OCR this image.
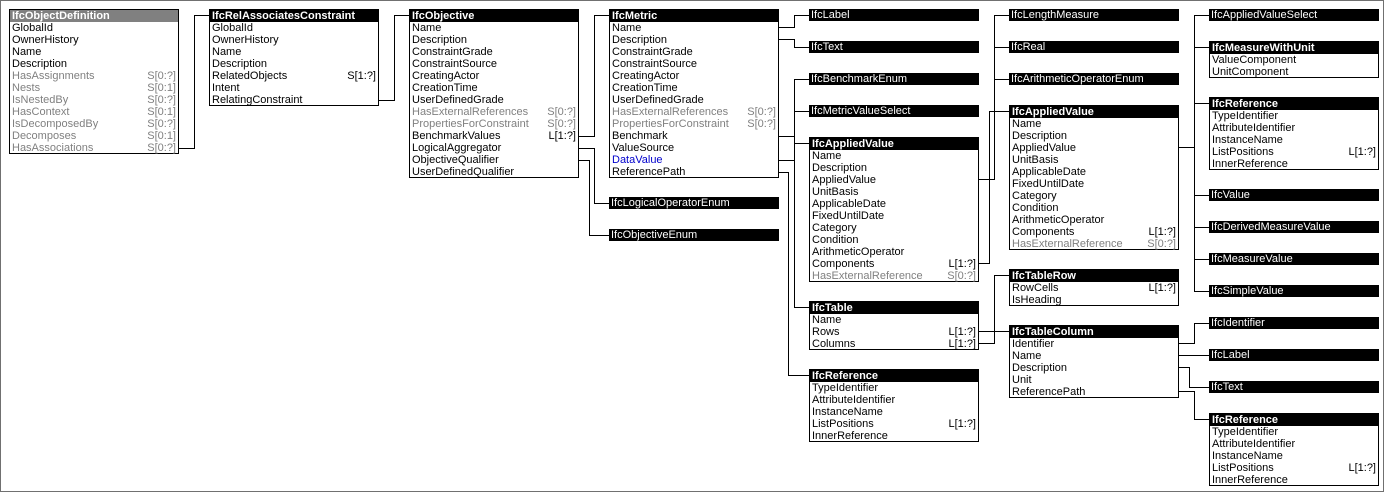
IfcObjectDefinition
GlobalId
OwnerHistory
Name
Description
HasAssignments	S[0:?]
Nests	S[0:1]
IsNestedBy	S[0:?]
HasContext	S[0:1]
IsDecomposedBy	S[0:?]
Decomposes	S[0:1]
HasAssociations	S[0:?]
IfcRelAssociatesConstraint
GlobalId
OwnerHistory
Name
Description
RelatedObjects	S[1:?]
Intent
RelatingConstraint
IfcObjective
Name
Description
ConstraintGrade
ConstraintSource
CreatingActor
CreationTime
UserDefinedGrade
HasExternalReferences S[0:?]
PropertiesForConstraint S[0:?]
BenchmarkValues	L[1:?]
LogicalAggregator
ObjectiveQualifier
UserDefinedQualifier
IfcMetric
Name
Description
ConstraintGrade
ConstraintSource
CreatingActor
CreationTime
UserDefinedGrade
HasExternalReferences S[0:?]
PropertiesForConstraint S[0:?]
Benchmark
ValueSource
DataValue
ReferencePath
IfcAppliedValue
Name
Description
AppliedValue
UnitBasis
ApplicableDate
FixedUntilDate
Category
Condition
ArithmeticOperator
Components	L[1:?]
HasExternalReference S[0:?]
IfcTable
Name
Rows	L[1:?]
Columns	L[1:?]
IfcReference
TypeIdentifier
AttributeIdentifier
InstanceName
ListPositions	L[1:?]
InnerReference
IfcAppliedValue
Name
Description
AppliedValue
UnitBasis
ApplicableDate
FixedUntilDate
Category
Condition
ArithmeticOperator
Components	L[1:?]
HasExternalReference S[0:?]
IfcTableRow
RowCells	L[1:?]
IsHeading
IfcTableColumn
Identifier
Name
Description
Unit
ReferencePath
IfcMeasureWithUnit
ValueComponent
UnitComponent
IfcReference
TypeIdentifier
AttributeIdentifier
InstanceName
ListPositions	L[1:?]
InnerReference
IfcReference
TypeIdentifier
AttributeIdentifier
InstanceName
ListPositions	L[1:?]
InnerReference
IfcLabel
IfcText
IfcBenchmarkEnum
IfcMetricValueSelect
IfcLogicalOperatorEnum
IfcObjectiveEnum
IfcLengthMeasure
IfcReal
IfcArithmeticOperatorEnum
IfcAppliedValueSelect
IfcValue
IfcDerivedMeasureValue
IfcMeasureValue
IfcSimpleValue
IfcIdentifier
IfcLabel
IfcText
